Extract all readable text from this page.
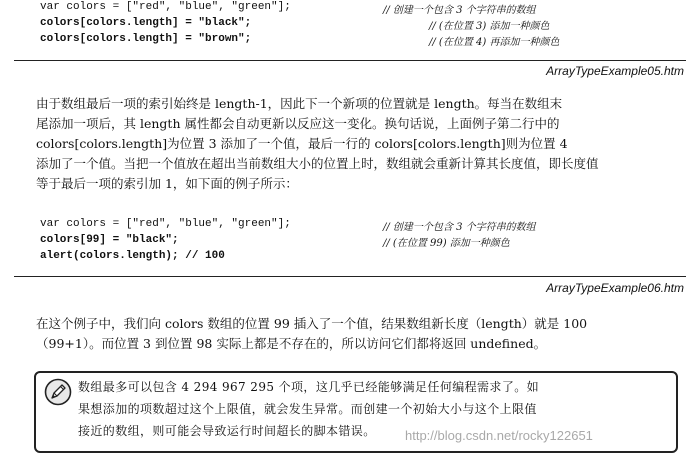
var colors = ["red", "blue", "green"];
colors[colors.length] = "black";
colors[colors.length] = "brown";
// 创建一个包含 3 个字符串的数组
// (在位置 3) 添加一种颜色
// (在位置 4) 再添加一种颜色
ArrayTypeExample05.htm

由于数组最后一项的索引始终是 length-1，因此下一个新项的位置就是 length。每当在数组末

尾添加一项后，其 length 属性都会自动更新以反应这一变化。换句话说，上面例子第二行中的

colors[colors.length]为位置 3 添加了一个值，最后一行的 colors[colors.length]则为位置 4

添加了一个值。当把一个值放在超出当前数组大小的位置上时，数组就会重新计算其长度值，即长度值

等于最后一项的索引加 1，如下面的例子所示：

var colors = ["red", "blue", "green"];
colors[99] = "black";
alert(colors.length); // 100
// 创建一个包含 3 个字符串的数组
// (在位置 99) 添加一种颜色
ArrayTypeExample06.htm

在这个例子中，我们向 colors 数组的位置 99 插入了一个值，结果数组新长度（length）就是 100

（99+1）。而位置 3 到位置 98 实际上都是不存在的，所以访问它们都将返回 undefined。

数组最多可以包含 4 294 967 295 个项，这几乎已经能够满足任何编程需求了。如

果想添加的项数超过这个上限值，就会发生异常。而创建一个初始大小与这个上限值

接近的数组，则可能会导致运行时间超长的脚本错误。	http://blog.csdn.net/rocky122651
